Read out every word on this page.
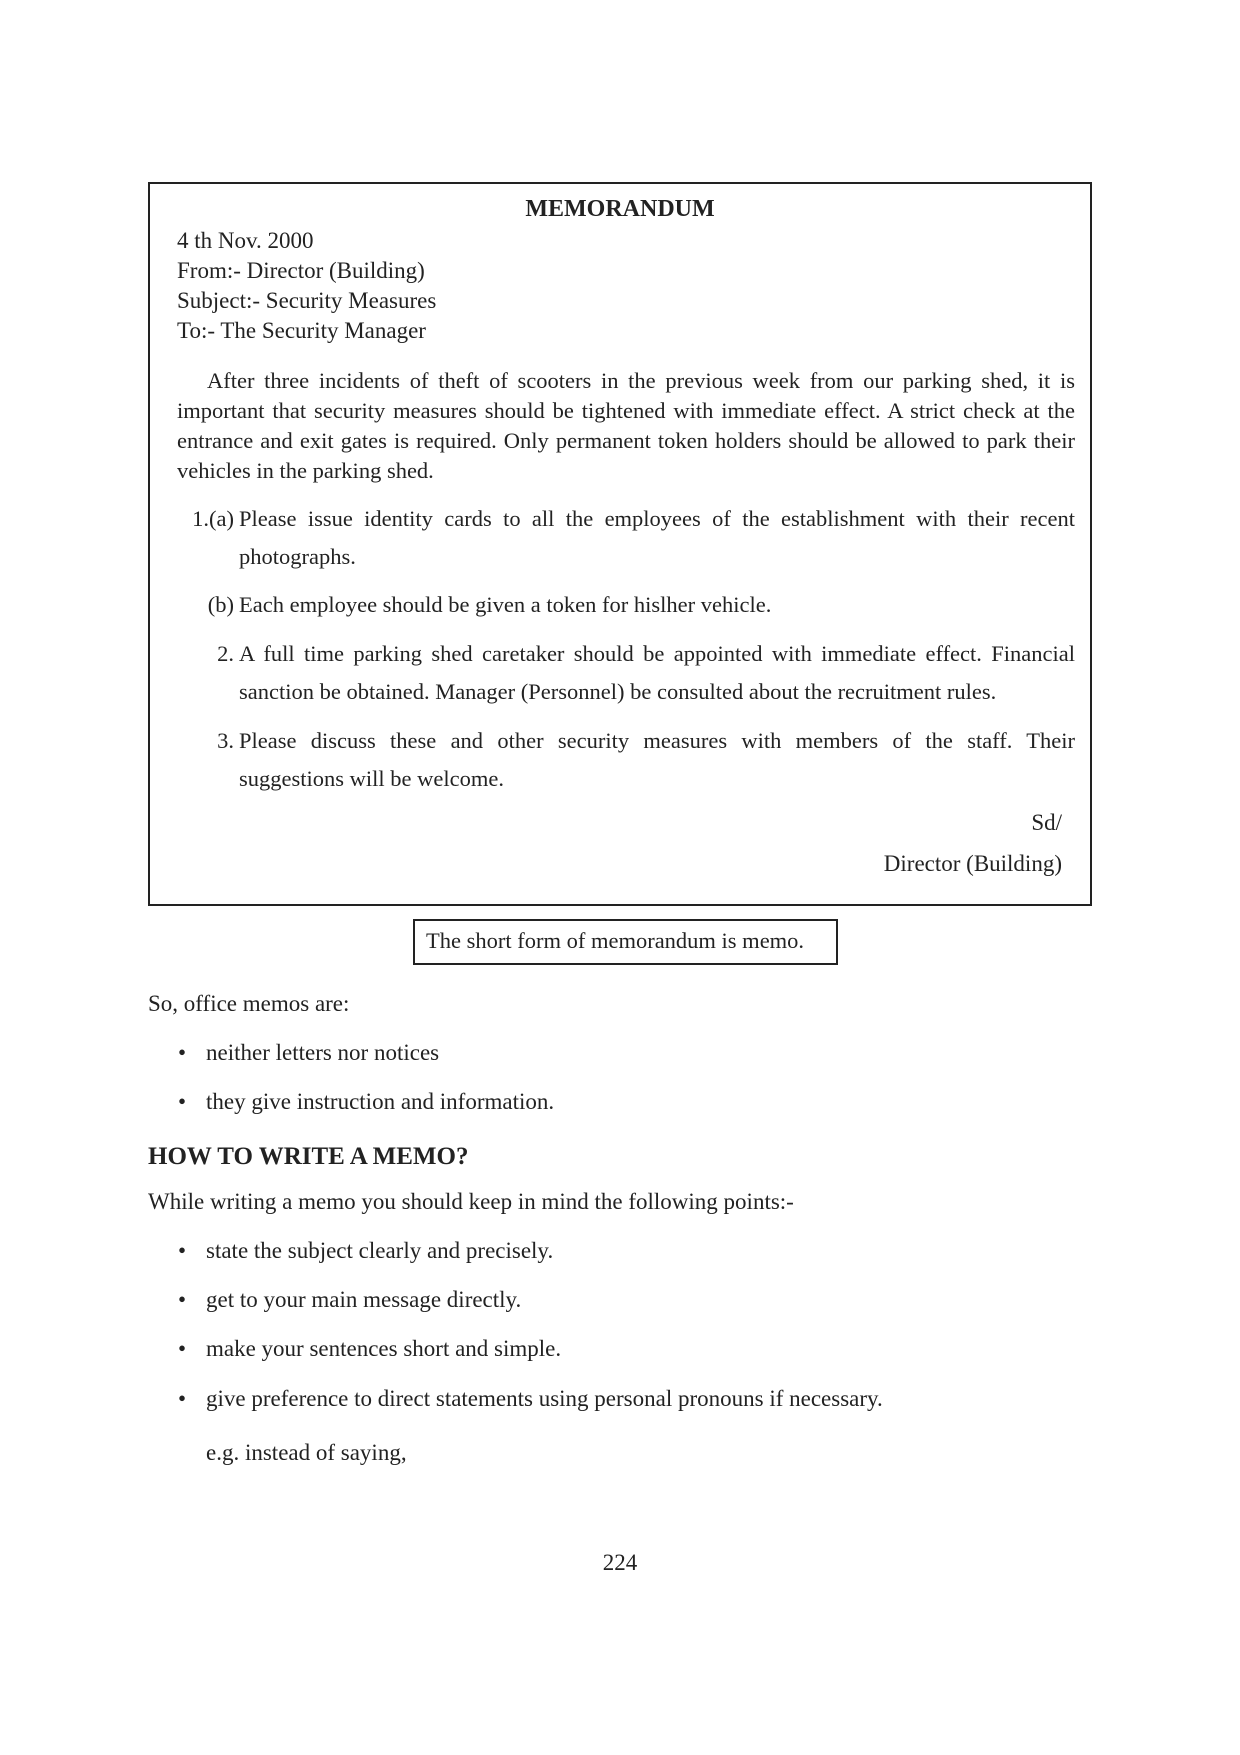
MEMORANDUM
4 th Nov. 2000
From:- Director (Building)
Subject:- Security Measures
To:- The Security Manager

After three incidents of theft of scooters in the previous week from our parking shed, it is important that security measures should be tightened with immediate effect. A strict check at the entrance and exit gates is required. Only permanent token holders should be allowed to park their vehicles in the parking shed.

1.(a) Please issue identity cards to all the employees of the establishment with their recent photographs.
(b) Each employee should be given a token for hislher vehicle.
2. A full time parking shed caretaker should be appointed with immediate effect. Financial sanction be obtained. Manager (Personnel) be consulted about the recruitment rules.
3. Please discuss these and other security measures with members of the staff. Their suggestions will be welcome.
Sd/
Director (Building)
The short form of memorandum is memo.
So, office memos are:
• neither letters nor notices
• they give instruction and information.
HOW TO WRITE A MEMO?
While writing a memo you should keep in mind the following points:-
• state the subject clearly and precisely.
• get to your main message directly.
• make your sentences short and simple.
• give preference to direct statements using personal pronouns if necessary.
e.g. instead of saying,
224
